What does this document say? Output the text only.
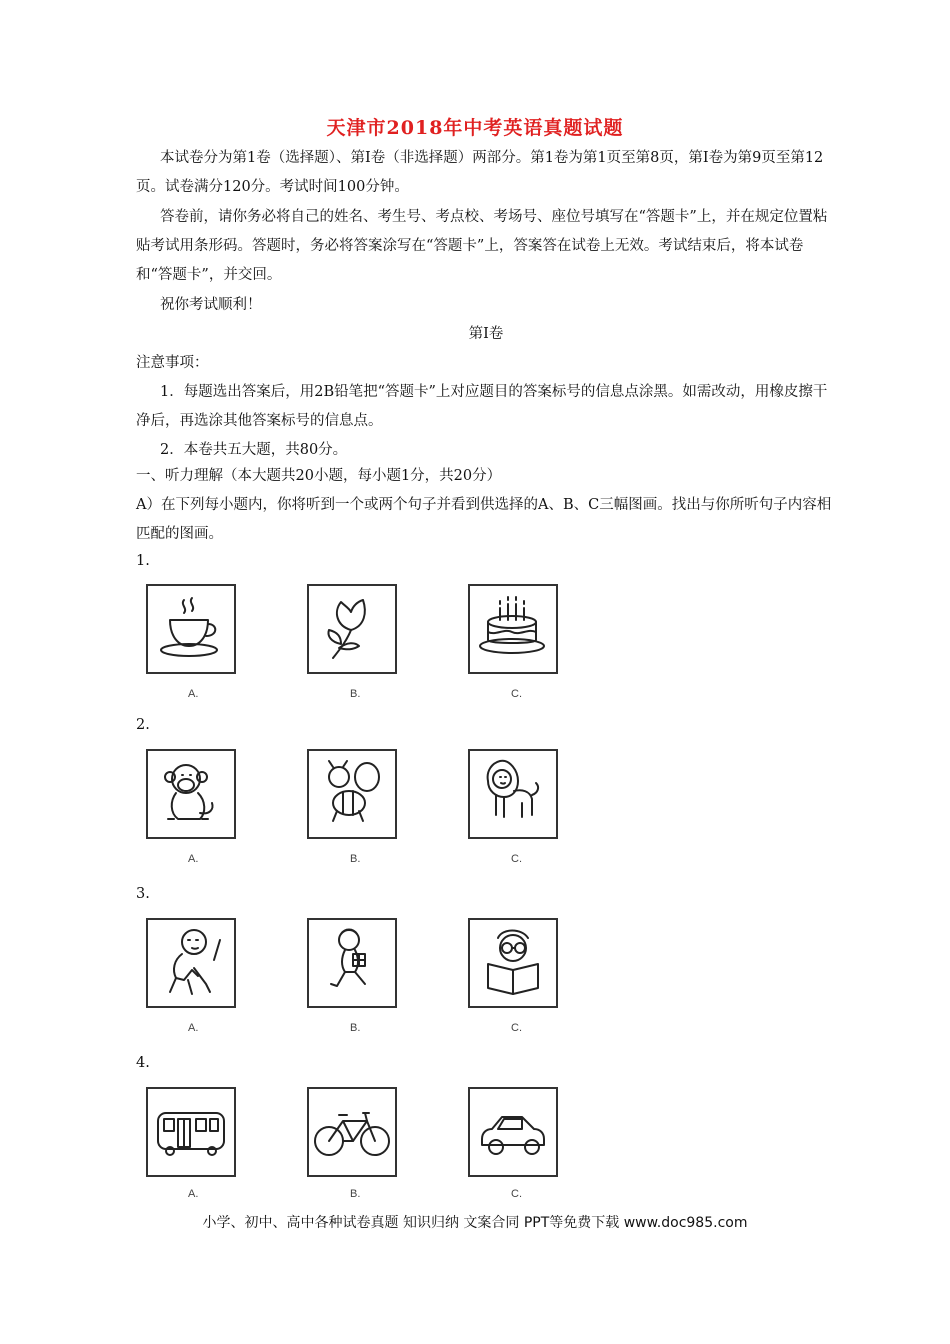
天津市2018年中考英语真题试题
本试卷分为第1卷（选择题）、第Ⅰ卷（非选择题）两部分。第1卷为第1页至第8页，第Ⅰ卷为第9页至第12页。试卷满分120分。考试时间100分钟。
答卷前，请你务必将自己的姓名、考生号、考点校、考场号、座位号填写在“答题卡”上，并在规定位置粘贴考试用条形码。答题时，务必将答案涂写在“答题卡”上，答案答在试卷上无效。考试结束后，将本试卷和“答题卡”，并交回。
祝你考试顺利！
第Ⅰ卷
注意事项：
1．每题选出答案后，用2B铅笔把“答题卡”上对应题目的答案标号的信息点涂黑。如需改动，用橡皮擦干净后，再选涂其他答案标号的信息点。
2．本卷共五大题，共80分。
一、听力理解（本大题共20小题，每小题1分，共20分）
A）在下列每小题内，你将听到一个或两个句子并看到供选择的A、B、C三幅图画。找出与你所听句子内容相匹配的图画。
1.
A.	B.	C.
2.
A.	B.	C.
3.
A.	B.	C.
4.
A.	B.	C.
小学、初中、高中各种试卷真题 知识归纳 文案合同 PPT等免费下载 www.doc985.com
